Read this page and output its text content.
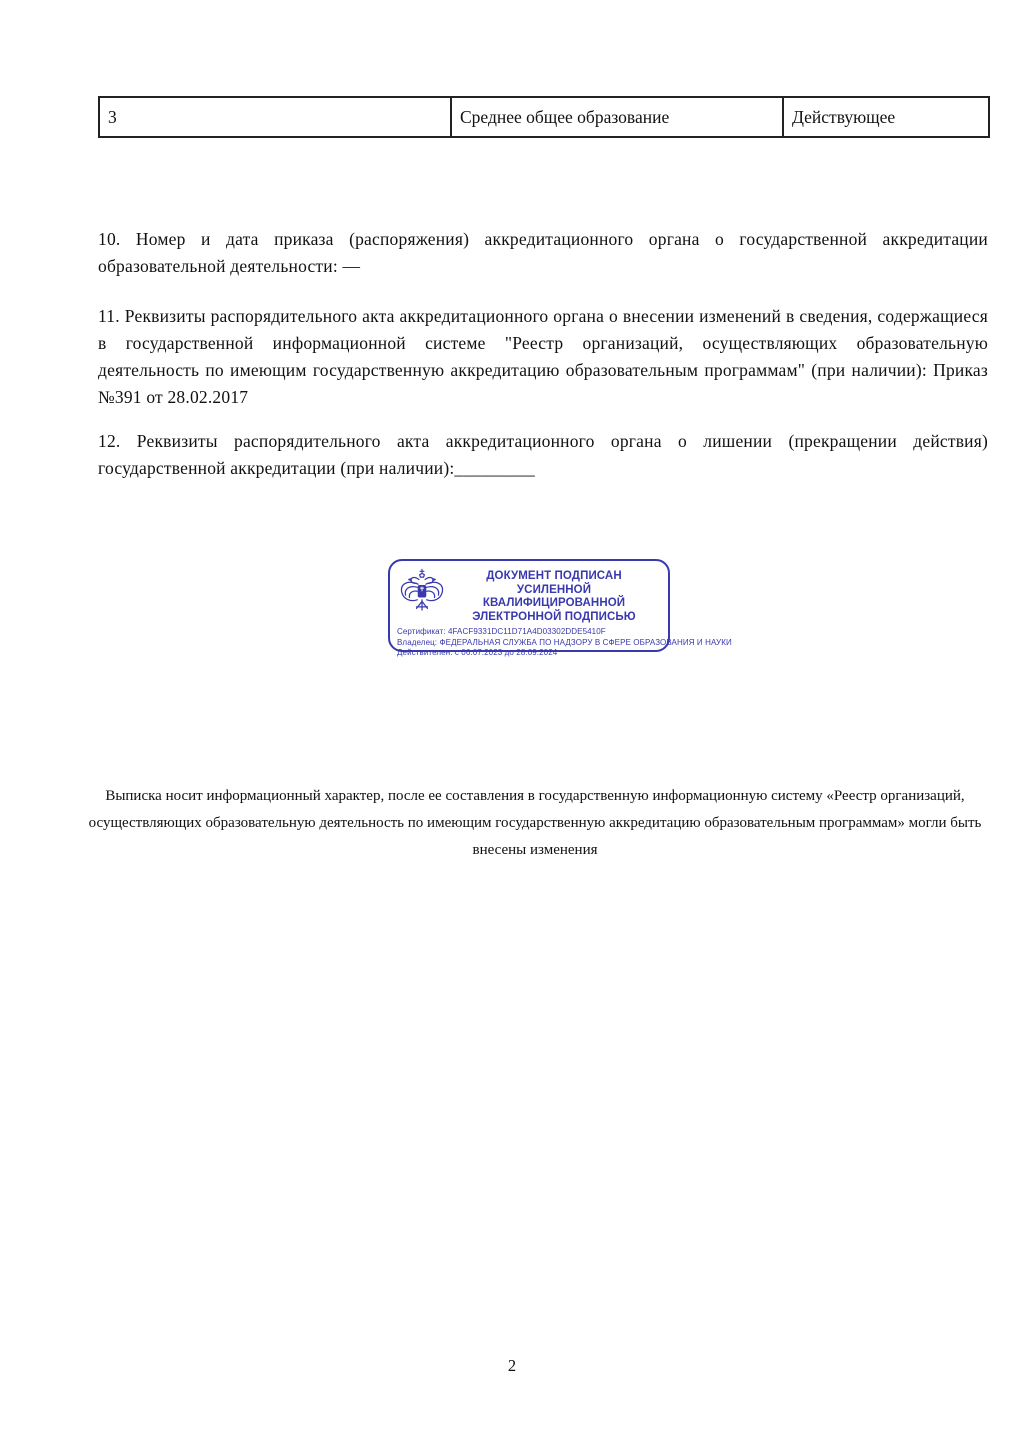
3	Среднее общее образование	Действующее

10. Номер и дата приказа (распоряжения) аккредитационного органа о государственной аккредитации образовательной деятельности: —

11. Реквизиты распорядительного акта аккредитационного органа о внесении изменений в сведения, содержащиеся в государственной информационной системе "Реестр организаций, осуществляющих образовательную деятельность по имеющим государственную аккредитацию образовательным программам" (при наличии): Приказ №391 от 28.02.2017

12. Реквизиты распорядительного акта аккредитационного органа о лишении (прекращении действия) государственной аккредитации (при наличии):_________

ДОКУМЕНТ ПОДПИСАН
УСИЛЕННОЙ КВАЛИФИЦИРОВАННОЙ
ЭЛЕКТРОННОЙ ПОДПИСЬЮ
Сертификат: 4FACF9331DC11D71A4D03302DDE5410F
Владелец: ФЕДЕРАЛЬНАЯ СЛУЖБА ПО НАДЗОРУ В СФЕРЕ ОБРАЗОВАНИЯ И НАУКИ
Действителен: с 06.07.2023 до 28.09.2024
Выписка носит информационный характер, после ее составления в государственную информационную систему «Реестр организаций, осуществляющих образовательную деятельность по имеющим государственную аккредитацию образовательным программам» могли быть внесены изменения
2
